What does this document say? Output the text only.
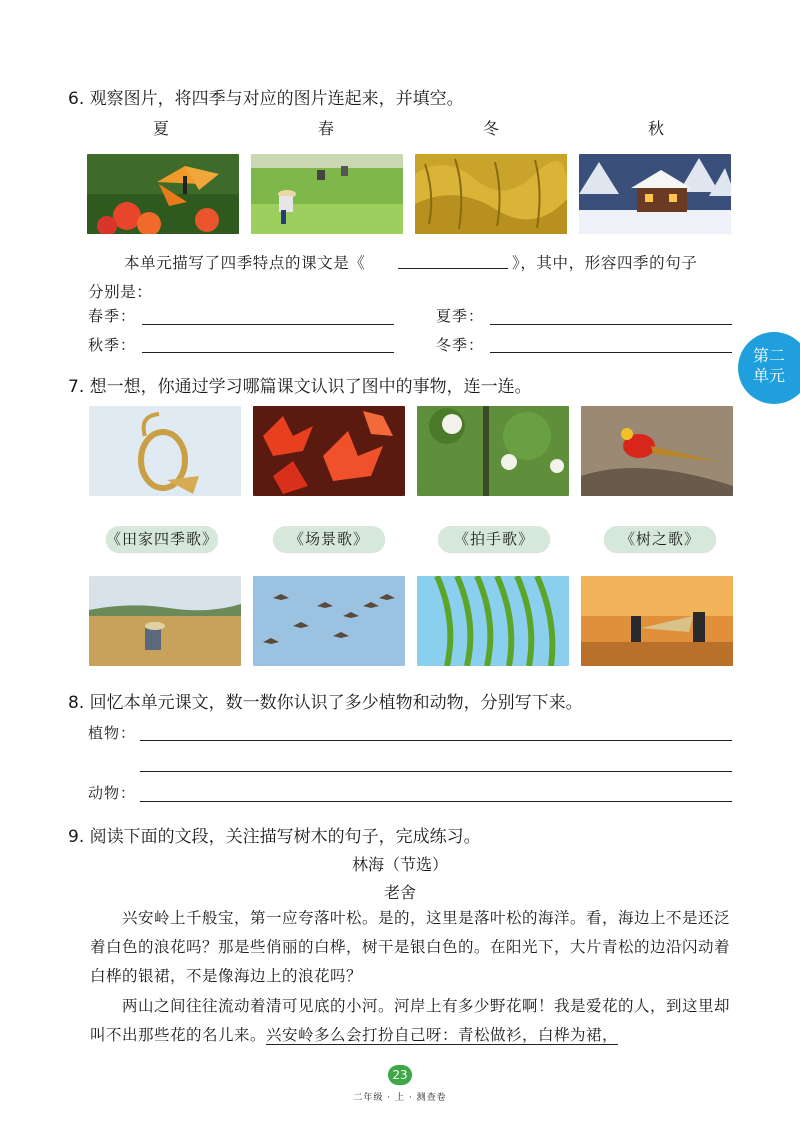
6. 观察图片，将四季与对应的图片连起来，并填空。
夏	春	冬	秋
本单元描写了四季特点的课文是《	》，其中，形容四季的句子
分别是：
春季：	夏季：
秋季：	冬季：
第二
单元
7. 想一想，你通过学习哪篇课文认识了图中的事物，连一连。
《田家四季歌》	《场景歌》	《拍手歌》	《树之歌》
8. 回忆本单元课文，数一数你认识了多少植物和动物，分别写下来。
植物：
动物：
9. 阅读下面的文段，关注描写树木的句子，完成练习。
林海（节选）
老舍
兴安岭上千般宝，第一应夸落叶松。是的，这里是落叶松的海洋。看，海边上不是还泛着白色的浪花吗？那是些俏丽的白桦，树干是银白色的。在阳光下，大片青松的边沿闪动着白桦的银裙，不是像海边上的浪花吗？
两山之间往往流动着清可见底的小河。河岸上有多少野花啊！我是爱花的人，到这里却叫不出那些花的名儿来。兴安岭多么会打扮自己呀：青松做衫，白桦为裙，
23
二年级 · 上 · 测查卷
